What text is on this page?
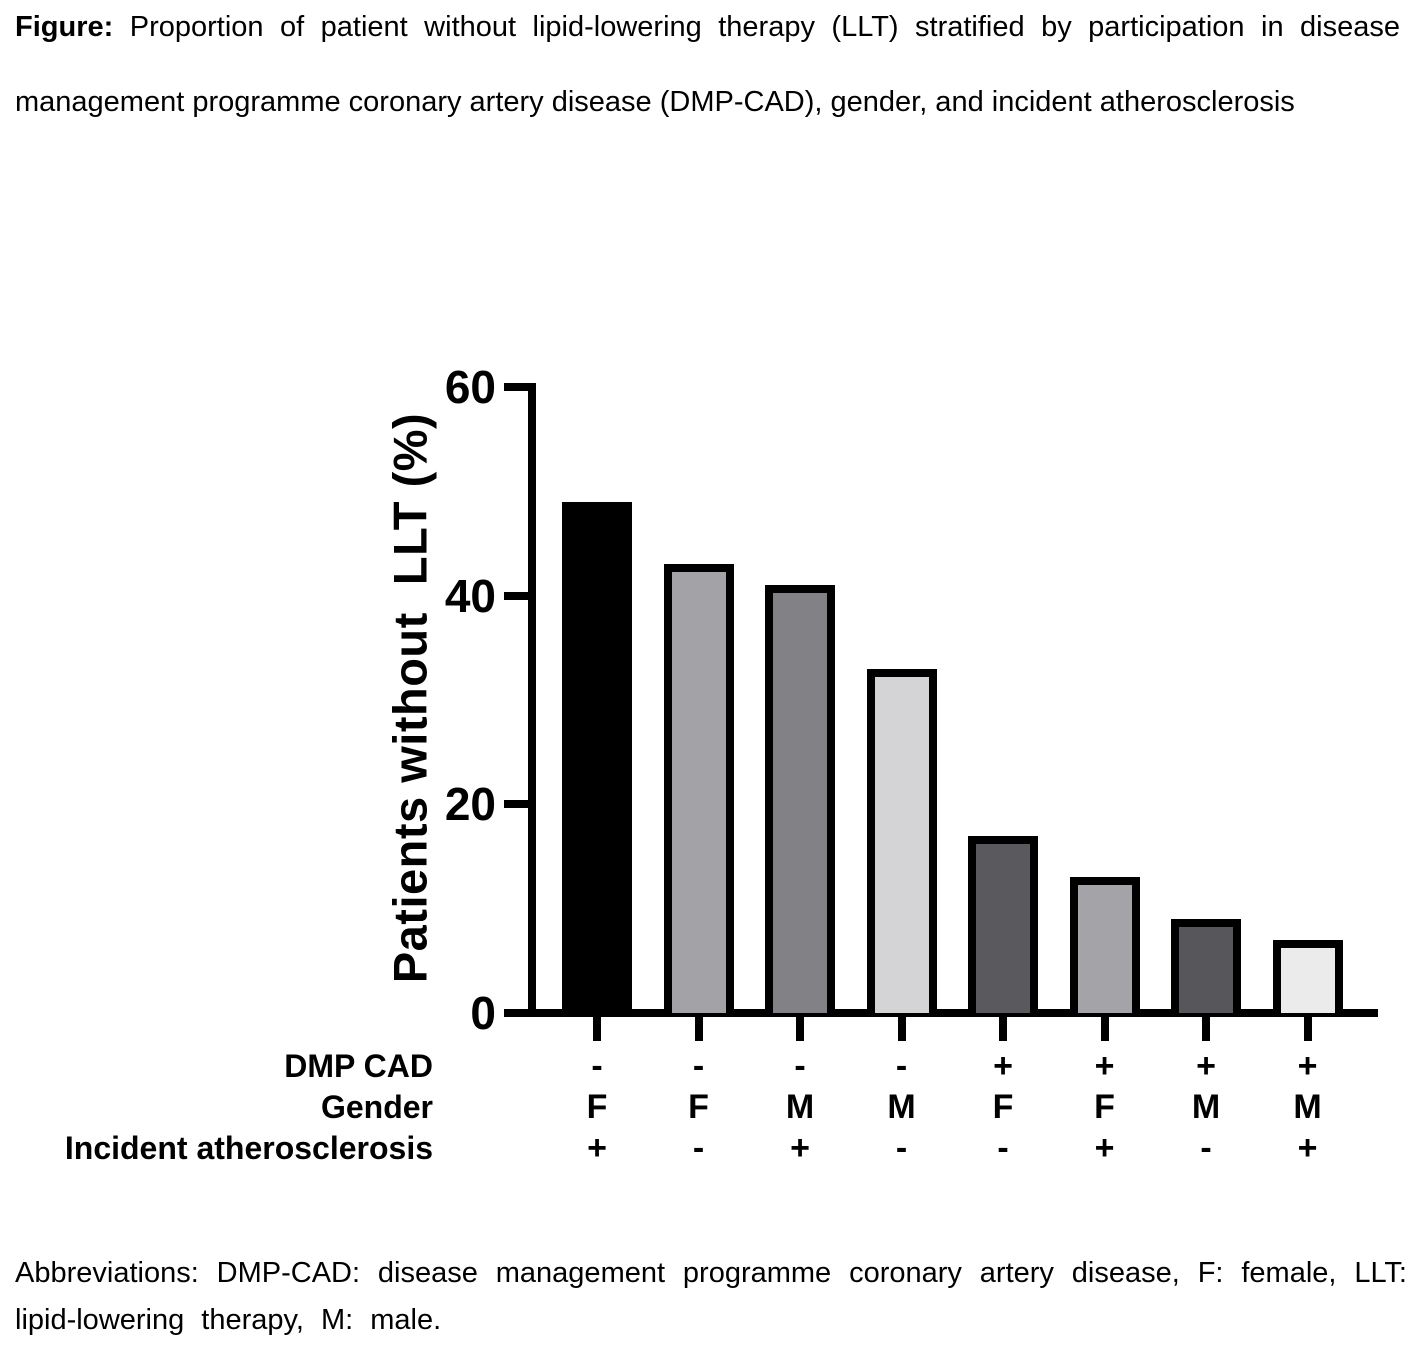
Figure: Proportion of patient without lipid-lowering therapy (LLT) stratified by participation in disease management programme coronary artery disease (DMP-CAD), gender, and incident atherosclerosis
Patients without  LLT (%)
0
20
40
60
DMP CAD	-	-	-	-	+	+	+	+
Gender	F	F	M	M	F	F	M	M
Incident atherosclerosis	+	-	+	-	-	+	-	+
Abbreviations: DMP-CAD: disease management programme coronary artery disease, F: female, LLT: lipid-lowering therapy, M: male.
